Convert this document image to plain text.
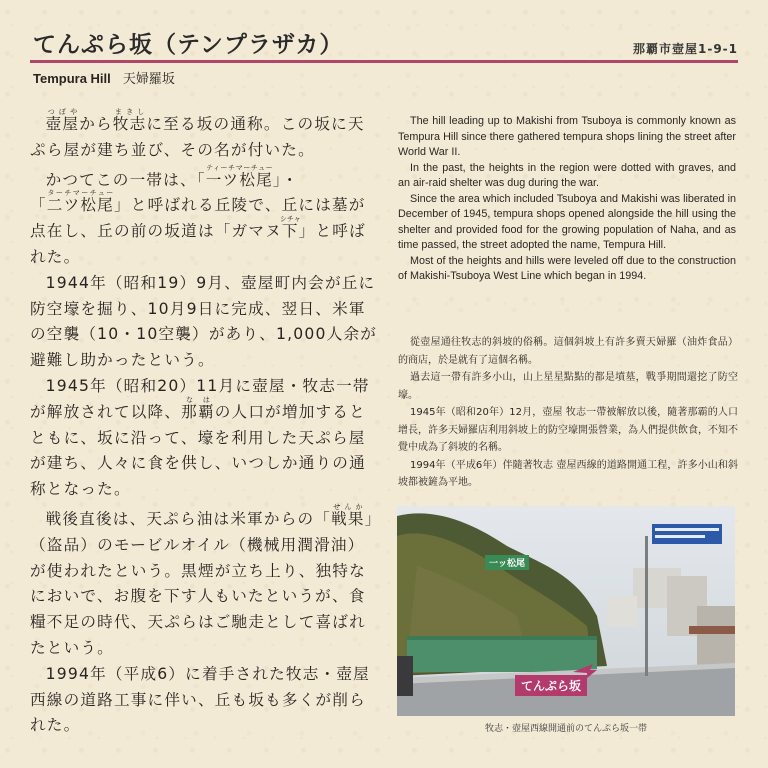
てんぷら坂（テンプラザカ）	那覇市壺屋1-9-1
Tempura Hill 天婦羅坂

壺屋つぼやから牧志まきしに至る坂の通称。この坂に天ぷら屋が建ち並び、その名が付いた。

かつてこの一帯は、「一ツ松尾ティーチマーチュー」・「二ツ松尾ターチマーチュー」と呼ばれる丘陵で、丘には墓が点在し、丘の前の坂道は「ガマヌ下シチャ」と呼ばれた。

1944年（昭和19）9月、壺屋町内会が丘に防空壕を掘り、10月9日に完成、翌日、米軍の空襲（10・10空襲）があり、1,000人余が避難し助かったという。

1945年（昭和20）11月に壺屋・牧志一帯が解放されて以降、那覇なはの人口が増加するとともに、坂に沿って、壕を利用した天ぷら屋が建ち、人々に食を供し、いつしか通りの通称となった。

戦後直後は、天ぷら油は米軍からの「戦果せんか」（盗品）のモービルオイル（機械用潤滑油）が使われたという。黒煙が立ち上り、独特なにおいで、お腹を下す人もいたというが、食糧不足の時代、天ぷらはご馳走として喜ばれたという。

1994年（平成6）に着手された牧志・壺屋西線の道路工事に伴い、丘も坂も多くが削られた。

The hill leading up to Makishi from Tsuboya is commonly known as Tempura Hill since there gathered tempura shops lining the street after World War II.

In the past, the heights in the region were dotted with graves, and an air-raid shelter was dug during the war.

Since the area which included Tsuboya and Makishi was liberated in December of 1945, tempura shops opened alongside the hill using the shelter and provided food for the growing population of Naha, and as time passed, the street adopted the name, Tempura Hill.

Most of the heights and hills were leveled off due to the construction of Makishi-Tsuboya West Line which began in 1994.

從壺屋通往牧志的斜坡的俗稱。這個斜坡上有許多賣天婦羅（油炸食品）的商店，於是就有了這個名稱。

過去這一帶有許多小山，山上星星點點的都是墳墓，戰爭期間還挖了防空壕。

1945年（昭和20年）12月，壺屋 牧志一帶被解放以後，隨著那霸的人口增長，許多天婦羅店利用斜坡上的防空壕開張營業，為人們提供飲食，不知不覺中成為了斜坡的名稱。

1994年（平成6年）伴隨著牧志 壺屋西線的道路開通工程，許多小山和斜坡都被鏟為平地。

一ッ松尾
てんぷら坂
牧志・壺屋西線開通前のてんぷら坂一帯
